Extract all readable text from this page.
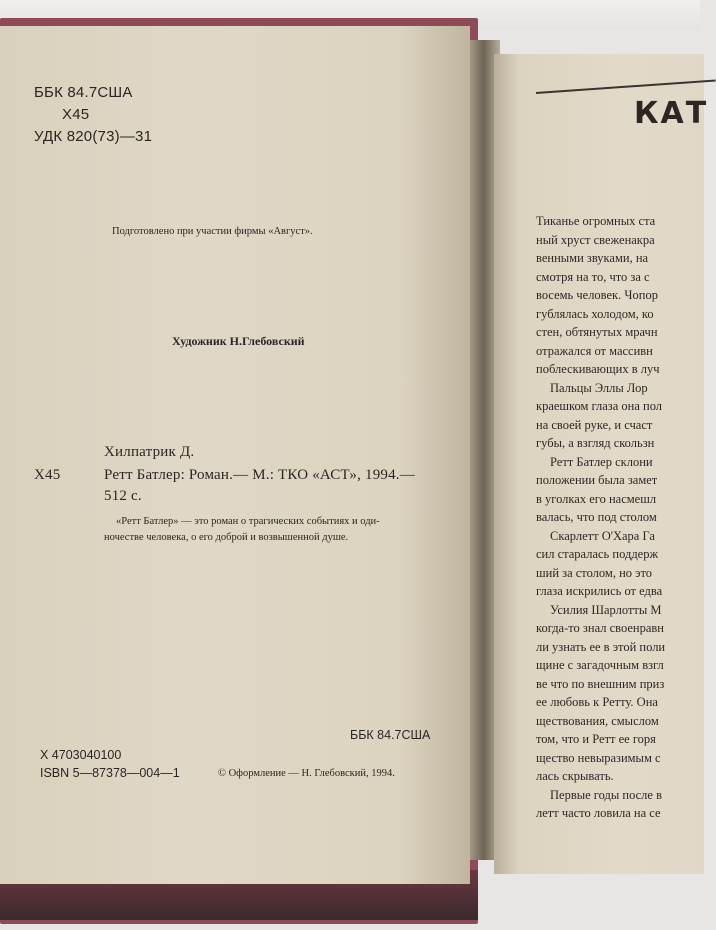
ББК 84.7США
Х45
УДК 820(73)—31
Подготовлено при участии фирмы «Август».
Художник Н.Глебовский
Хилпатрик Д.
Х45	Ретт Батлер: Роман.— М.: ТКО «АСТ», 1994.—
512 с.
«Ретт Батлер» — это роман о трагических событиях и оди-
ночестве человека, о его доброй и возвышенной душе.
ББК 84.7США
Х 4703040100
ISBN 5—87378—004—1	© Оформление — Н. Глебовский, 1994.
КАТ
Тиканье огромных ста
ный хруст свеженакра
венными звуками, на
смотря на то, что за с
восемь человек. Чопор
гублялась холодом, ко
стен, обтянутых мрачн
отражался от массивн
поблескивающих в луч
Пальцы Эллы Лор
краешком глаза она пол
на своей руке, и счаст
губы, а взгляд скользн
Ретт Батлер склони
положении была замет
в уголках его насмешл
валась, что под столом
Скарлетт О'Хара Га
сил старалась поддерж
ший за столом, но это
глаза искрились от едва
Усилия Шарлотты М
когда-то знал своенравн
ли узнать ее в этой поли
щине с загадочным взгл
ве что по внешним приз
ее любовь к Ретту. Она
ществования, смыслом
том, что и Ретт ее горя
щество невыразимым с
лась скрывать.
Первые годы после в
летт часто ловила на се
